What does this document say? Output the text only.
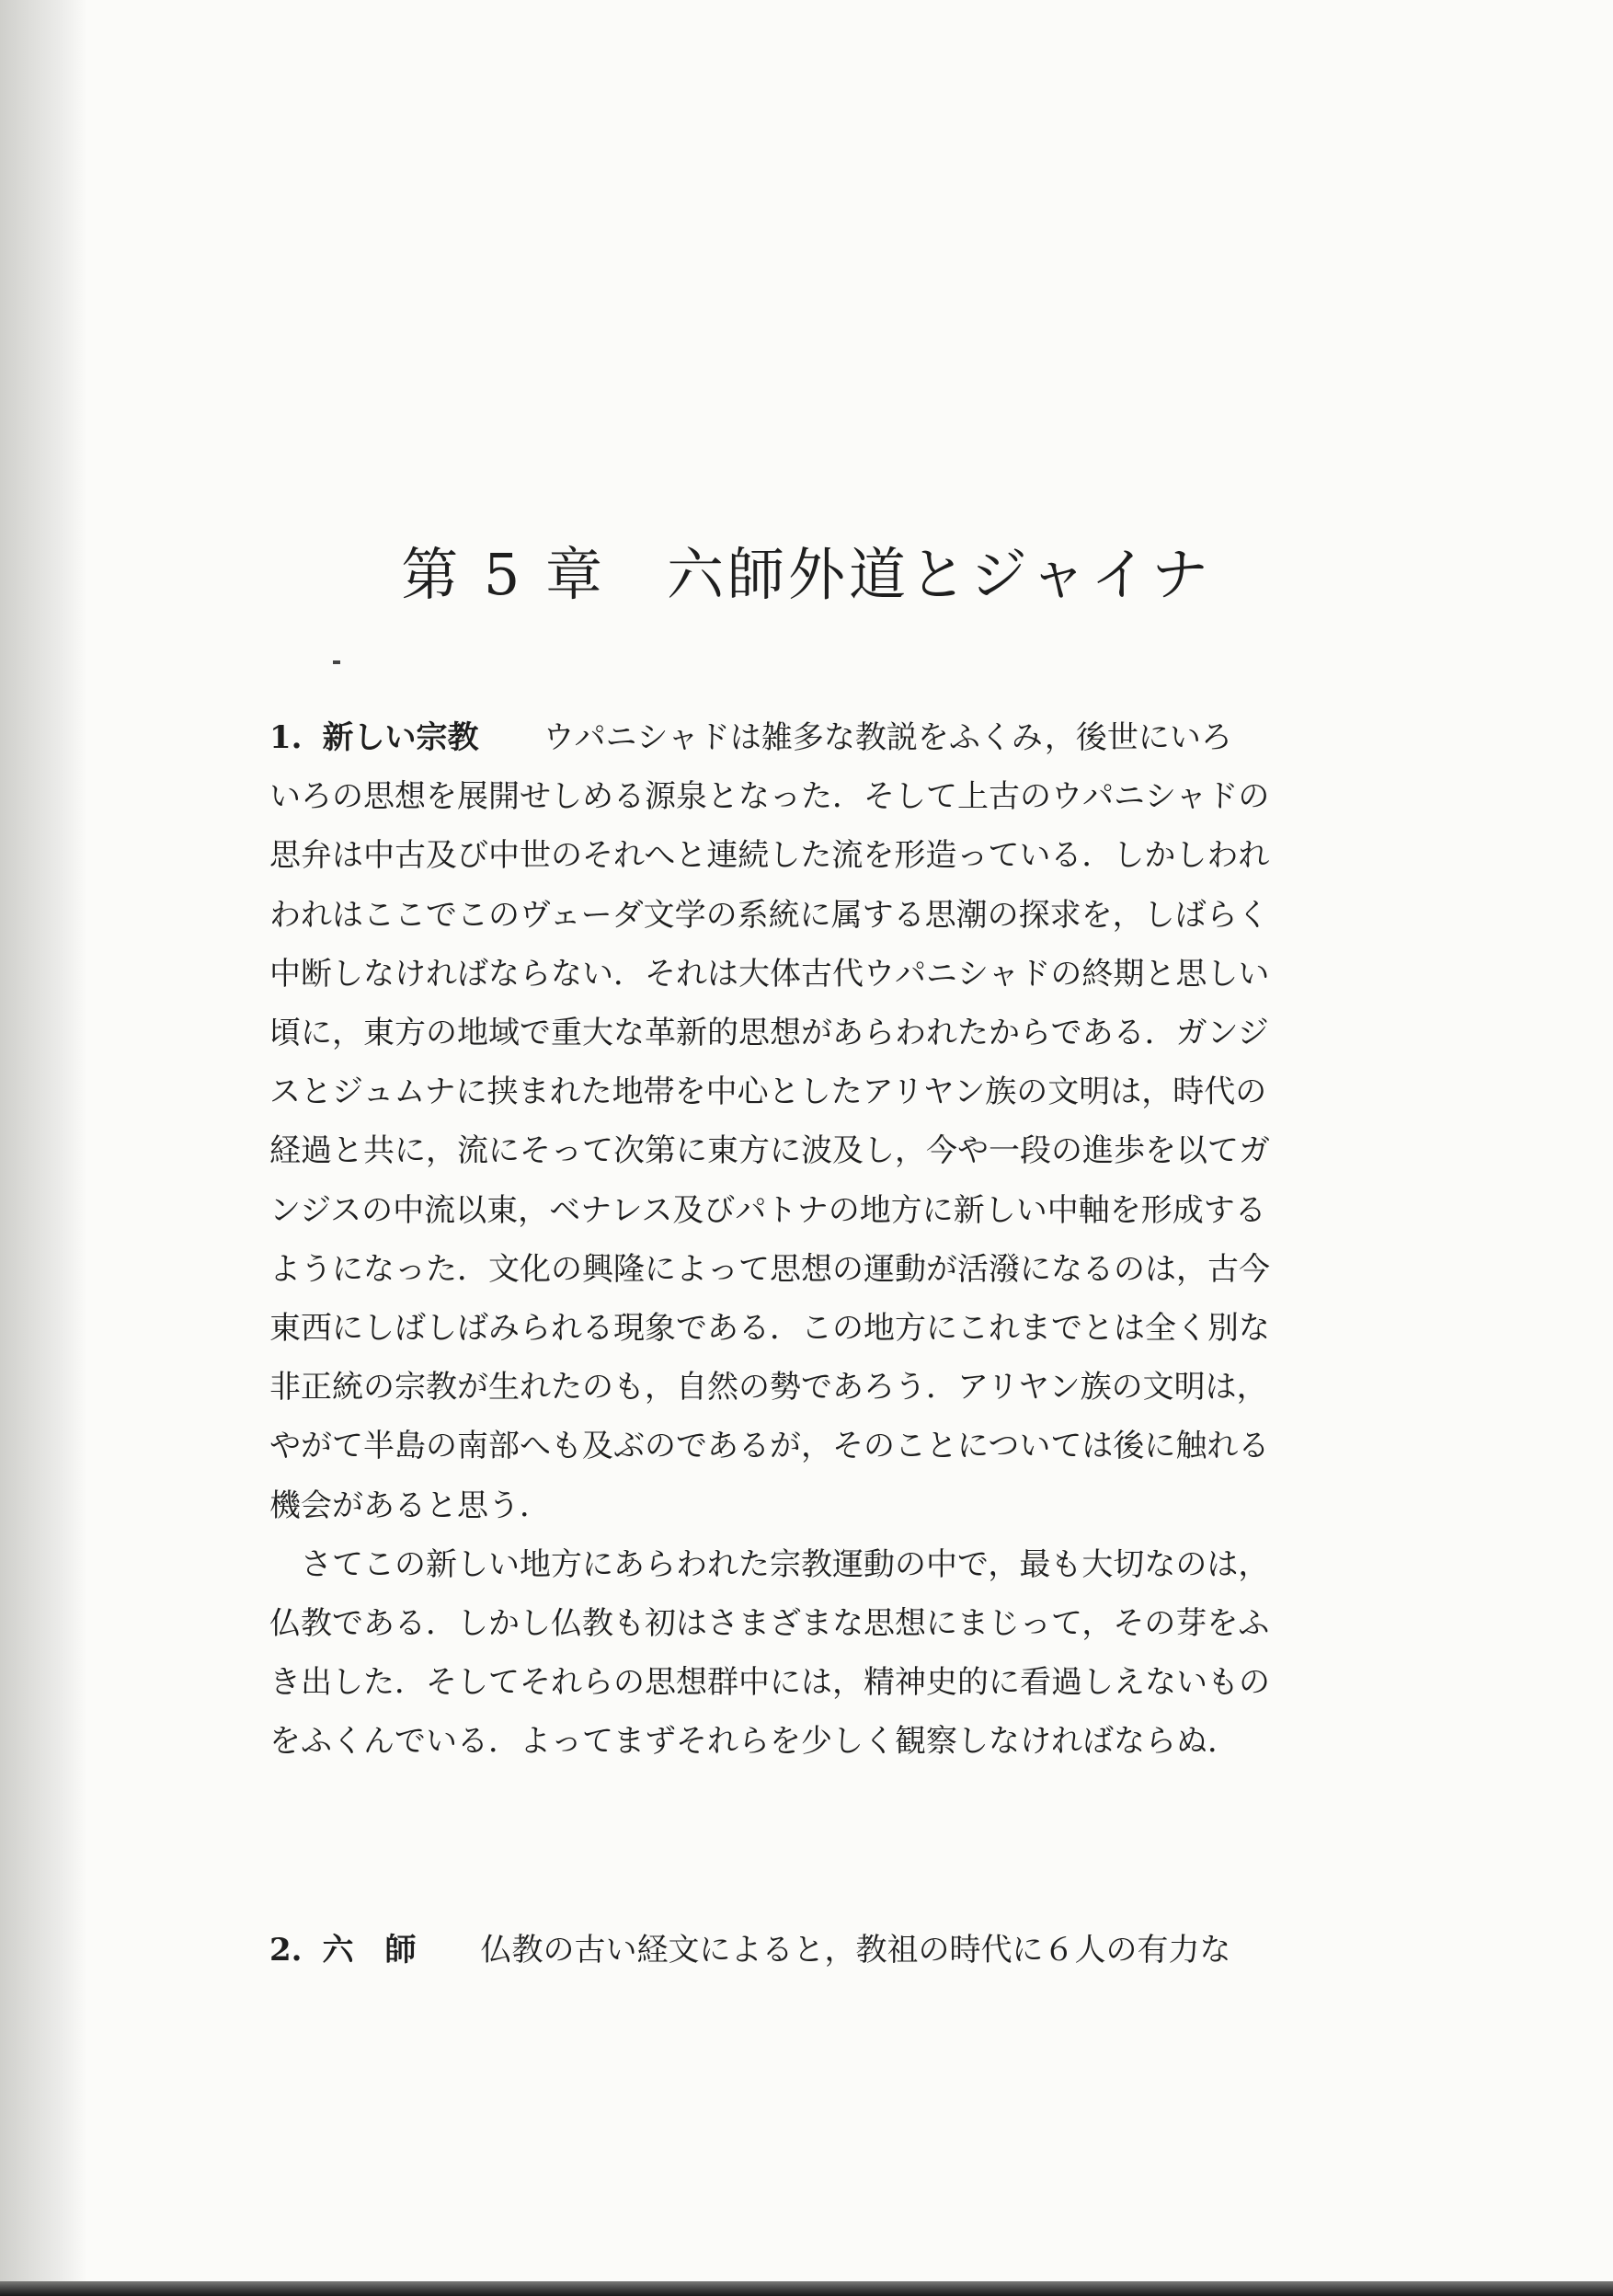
第 5 章　六師外道とジャイナ
1. 新しい宗教 ウパニシャドは雑多な教説をふくみ，後世にいろ
いろの思想を展開せしめる源泉となった．そして上古のウパニシャドの
思弁は中古及び中世のそれへと連続した流を形造っている．しかしわれ
われはここでこのヴェーダ文学の系統に属する思潮の探求を，しばらく
中断しなければならない．それは大体古代ウパニシャドの終期と思しい
頃に，東方の地域で重大な革新的思想があらわれたからである．ガンジ
スとジュムナに挟まれた地帯を中心としたアリヤン族の文明は，時代の
経過と共に，流にそって次第に東方に波及し，今や一段の進歩を以てガ
ンジスの中流以東，ベナレス及びパトナの地方に新しい中軸を形成する
ようになった．文化の興隆によって思想の運動が活潑になるのは，古今
東西にしばしばみられる現象である．この地方にこれまでとは全く別な
非正統の宗教が生れたのも，自然の勢であろう．アリヤン族の文明は，
やがて半島の南部へも及ぶのであるが，そのことについては後に触れる
機会があると思う．
さてこの新しい地方にあらわれた宗教運動の中で，最も大切なのは，
仏教である．しかし仏教も初はさまざまな思想にまじって，その芽をふ
き出した．そしてそれらの思想群中には，精神史的に看過しえないもの
をふくんでいる．よってまずそれらを少しく観察しなければならぬ．
2. 六　師 仏教の古い経文によると，教祖の時代に６人の有力な
